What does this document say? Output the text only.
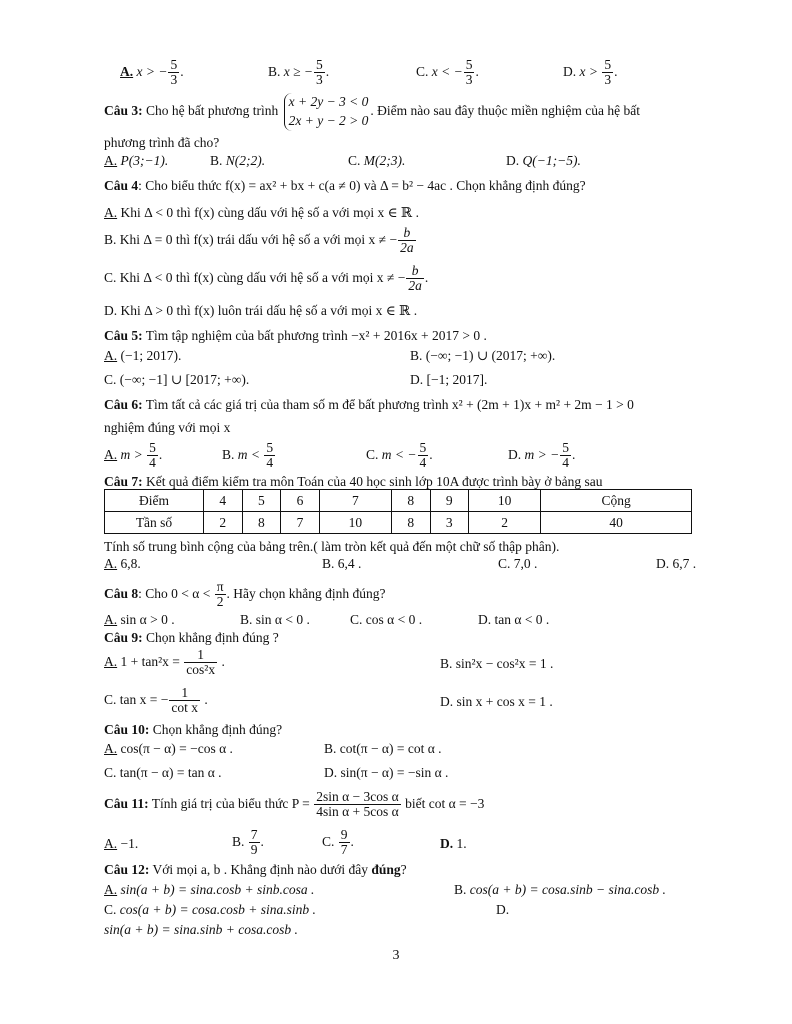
A. x > − $\frac{5}{3}$ .	B. x ≥ − $\frac{5}{3}$ .	C. x < − $\frac{5}{3}$ .	D. $x > \frac{5}{3}$ .
Câu 3: Cho hệ bất phương trình
x + 2y − 3 < 0
2x + y − 2 > 0
. Điểm nào sau đây thuộc miền nghiệm của hệ bất
phương trình đã cho?
A. P(3;−1).	B. N(2;2).	C. M(2;3).	D. Q(−1;−5).
Câu 4: Cho biểu thức f(x) = ax² + bx + c(a ≠ 0) và Δ = b² − 4ac . Chọn khẳng định đúng?
A. Khi Δ < 0 thì f(x) cùng dấu với hệ số a với mọi x ∈ ℝ .
B. Khi Δ = 0 thì f(x) trái dấu với hệ số a với mọi x ≠ − $\frac{b}{2a}$
C. Khi Δ < 0 thì f(x) cùng dấu với hệ số a với mọi x ≠ − $\frac{b}{2a}$ .
D. Khi Δ > 0 thì f(x) luôn trái dấu hệ số a với mọi x ∈ ℝ .
Câu 5: Tìm tập nghiệm của bất phương trình −x² + 2016x + 2017 > 0 .
A. (−1; 2017).	B. (−∞; −1) ∪ (2017; +∞).
C. (−∞; −1] ∪ [2017; +∞).	D. [−1; 2017].
Câu 6: Tìm tất cả các giá trị của tham số m để bất phương trình x² + (2m + 1)x + m² + 2m − 1 > 0
nghiệm đúng với mọi x
A. $m > \frac{5}{4}$ .	B. $m < \frac{5}{4}$	C. m < − $\frac{5}{4}$ .	D. m > − $\frac{5}{4}$ .
Câu 7: Kết quả điểm kiểm tra môn Toán của 40 học sinh lớp 10A được trình bày ở bảng sau
Điểm	4	5	6	7	8	9	10	Cộng
Tần số	2	8	7	10	8	3	2	40
Tính số trung bình cộng của bảng trên.( làm tròn kết quả đến một chữ số thập phân).
A. 6,8.	B. 6,4 .	C. 7,0 .	D. 6,7 .
Câu 8: Cho $0 < \alpha < \frac{\pi}{2}$ . Hãy chọn khẳng định đúng?
A. sin α > 0 .	B. sin α < 0 .	C. cos α < 0 .	D. tan α < 0 .
Câu 9: Chọn khẳng định đúng ?
A. $1 + \tan^2x = \frac{1}{\text{cos²x}}$ .	B. sin²x − cos²x = 1 .
C. tan x = − $\frac{1}{\text{cot x}}$ .	D. sin x + cos x = 1 .
Câu 10: Chọn khẳng định đúng?
A. cos(π − α) = −cos α .	B. cot(π − α) = cot α .
C. tan(π − α) = tan α .	D. sin(π − α) = −sin α .
Câu 11: Tính giá trị của biểu thức $P = \frac{\text{2sin α − 3cos α}}{\text{4sin α + 5cos α}}$ biết cot α = −3
A. −1.	B. $\frac{7}{9}$ .	C. $\frac{9}{7}$ .	D. 1.
Câu 12: Với mọi a, b . Khẳng định nào dưới đây đúng?
A. sin(a + b) = sina.cosb + sinb.cosa .	B. cos(a + b) = cosa.sinb − sina.cosb .
C. cos(a + b) = cosa.cosb + sina.sinb .	D.
sin(a + b) = sina.sinb + cosa.cosb .
3
